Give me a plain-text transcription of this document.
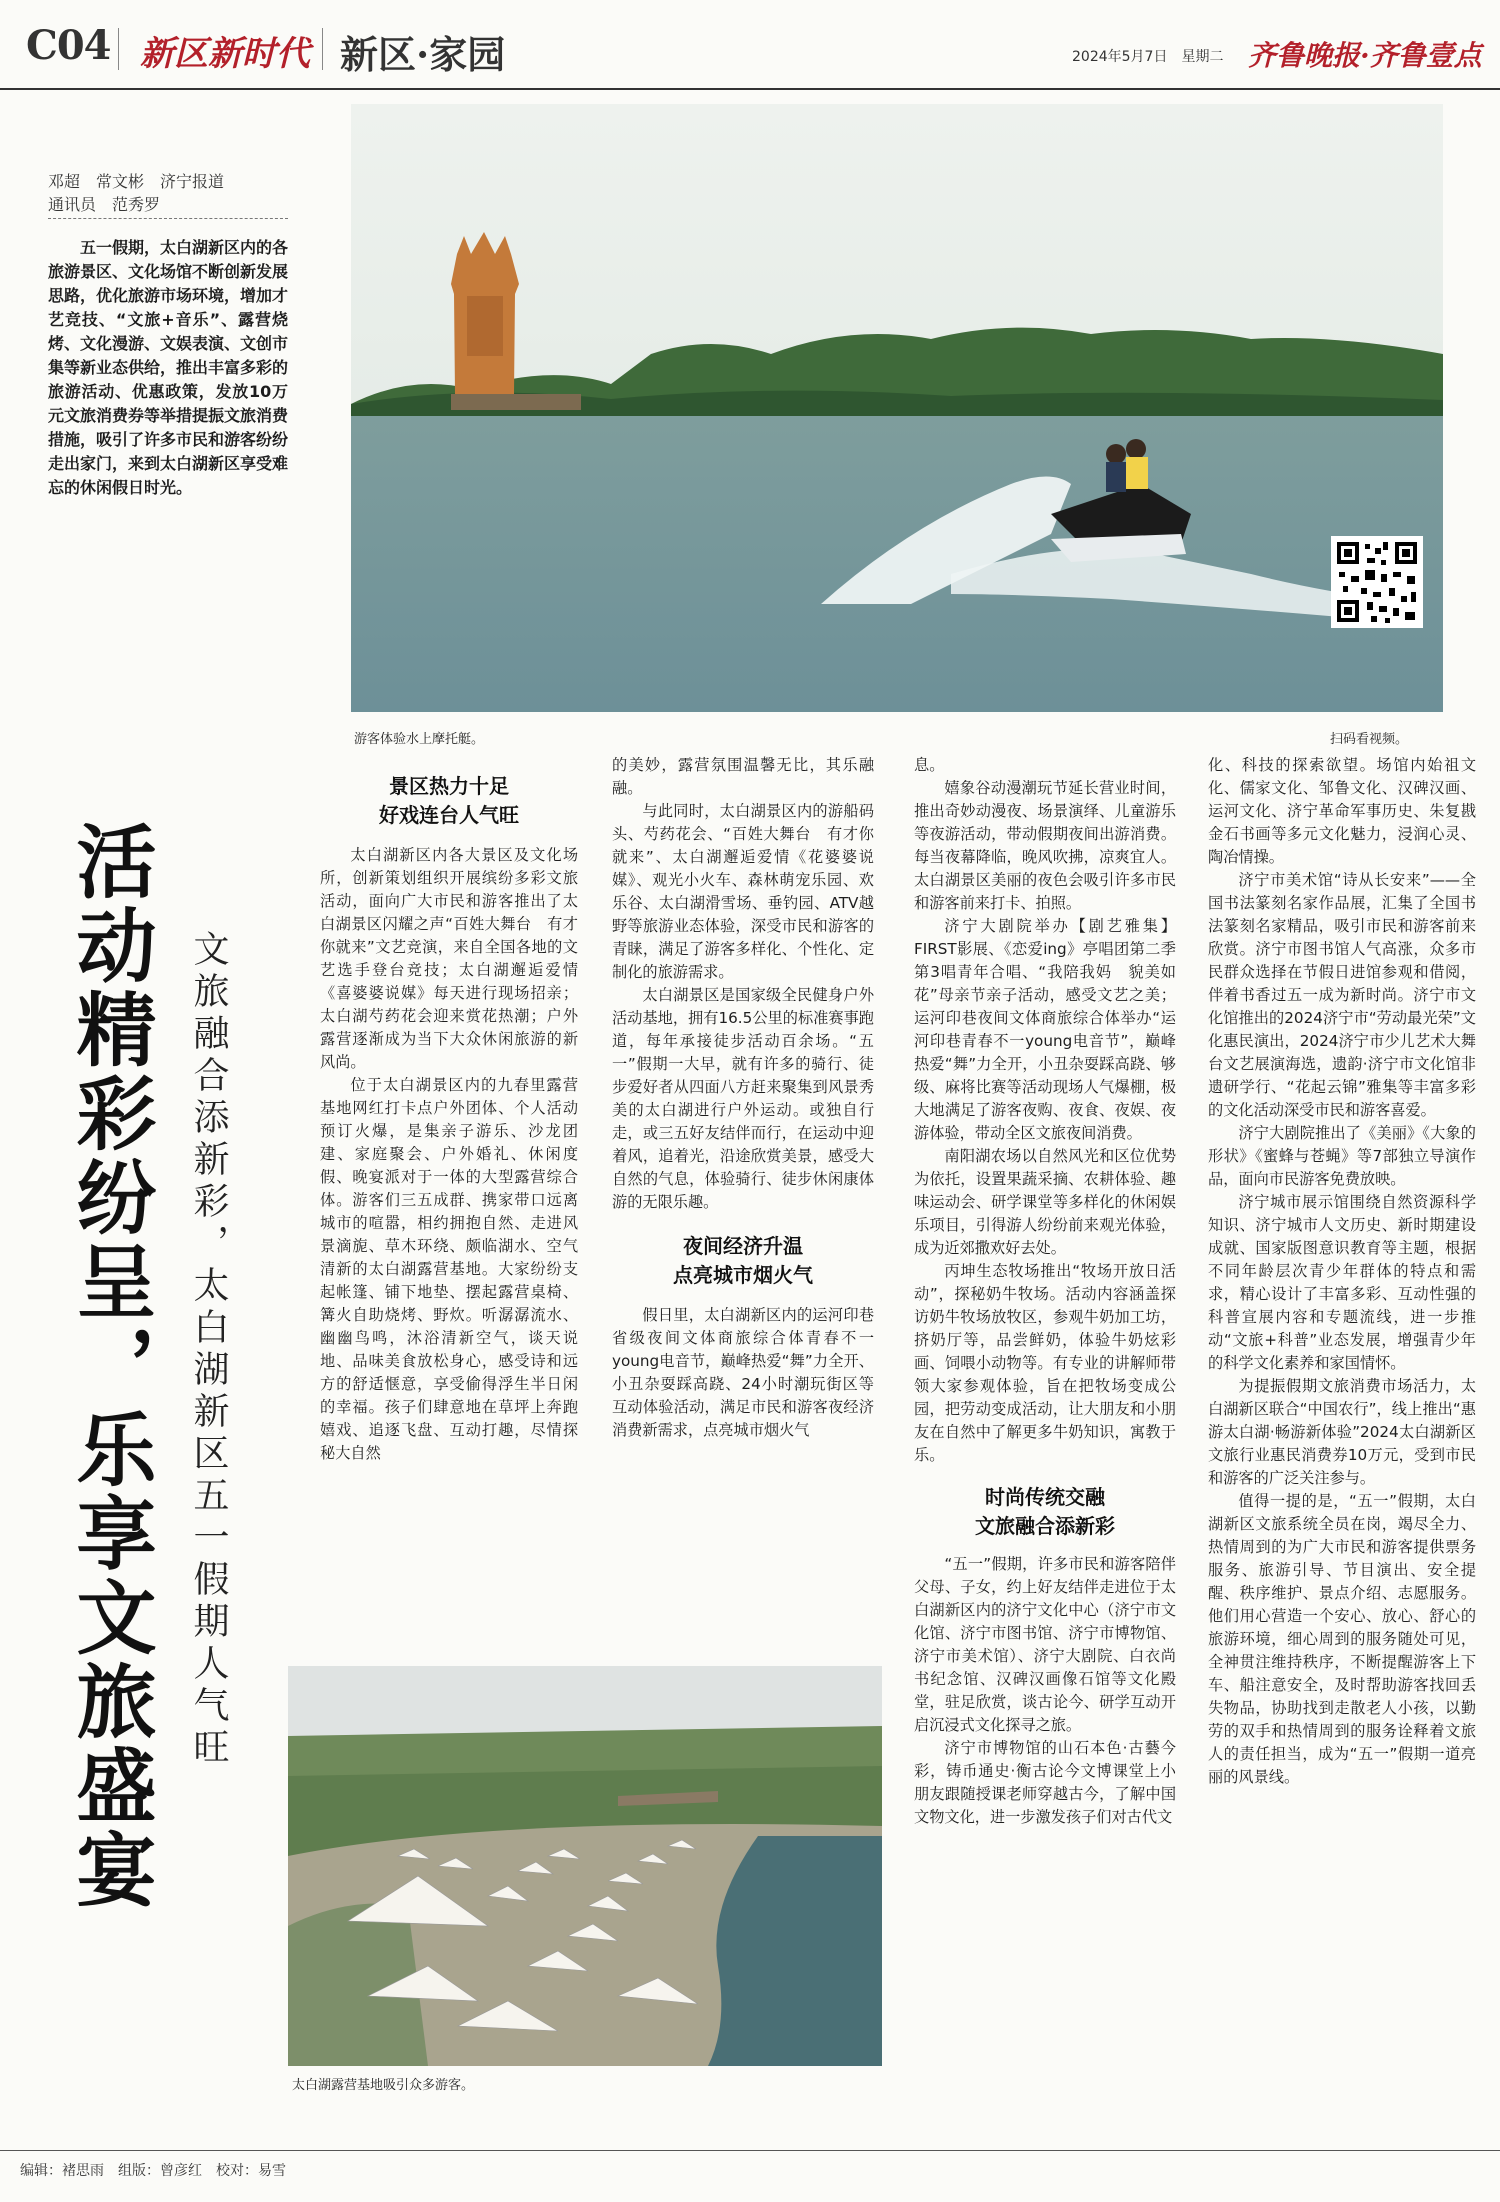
C04 新区新时代 新区·家园	2024年5月7日　 星期二 齐鲁晚报·齐鲁壹点
游客体验水上摩托艇。	扫码看视频。
邓超　常文彬　济宁报道
通讯员　范秀罗
五一假期，太白湖新区内的各旅游景区、文化场馆不断创新发展思路，优化旅游市场环境，增加才艺竞技、“文旅+音乐”、露营烧烤、文化漫游、文娱表演、文创市集等新业态供给，推出丰富多彩的旅游活动、优惠政策，发放10万元文旅消费券等举措提振文旅消费措施，吸引了许多市民和游客纷纷走出家门，来到太白湖新区享受难忘的休闲假日时光。
活动精彩纷呈，乐享文旅盛宴 文旅融合添新彩，太白湖新区五一假期人气旺
景区热力十足
好戏连台人气旺
太白湖新区内各大景区及文化场所，创新策划组织开展缤纷多彩文旅活动，面向广大市民和游客推出了太白湖景区闪耀之声“百姓大舞台　有才你就来”文艺竞演，来自全国各地的文艺选手登台竞技；太白湖邂逅爱情《喜婆婆说媒》每天进行现场招亲；太白湖芍药花会迎来赏花热潮；户外露营逐渐成为当下大众休闲旅游的新风尚。
位于太白湖景区内的九春里露营基地网红打卡点户外团体、个人活动预订火爆，是集亲子游乐、沙龙团建、家庭聚会、户外婚礼、休闲度假、晚宴派对于一体的大型露营综合体。游客们三五成群、携家带口远离城市的喧嚣，相约拥抱自然、走进风景滴旎、草木环绕、颇临湖水、空气清新的太白湖露营基地。大家纷纷支起帐篷、铺下地垫、摆起露营桌椅、篝火自助烧烤、野炊。听潺潺流水、幽幽鸟鸣，沐浴清新空气，谈天说地、品味美食放松身心，感受诗和远方的舒适惬意，享受偷得浮生半日闲的幸福。孩子们肆意地在草坪上奔跑嬉戏、追逐飞盘、互动打趣，尽情探秘大自然
的美妙，露营氛围温馨无比，其乐融融。
与此同时，太白湖景区内的游船码头、芍药花会、“百姓大舞台　有才你就来”、太白湖邂逅爱情《花婆婆说媒》、观光小火车、森林萌宠乐园、欢乐谷、太白湖滑雪场、垂钓园、ATV越野等旅游业态体验，深受市民和游客的青睐，满足了游客多样化、个性化、定制化的旅游需求。
太白湖景区是国家级全民健身户外活动基地，拥有16.5公里的标准赛事跑道，每年承接徒步活动百余场。“五一”假期一大早，就有许多的骑行、徒步爱好者从四面八方赶来聚集到风景秀美的太白湖进行户外运动。或独自行走，或三五好友结伴而行，在运动中迎着风，追着光，沿途欣赏美景，感受大自然的气息，体验骑行、徒步休闲康体游的无限乐趣。
夜间经济升温
点亮城市烟火气
假日里，太白湖新区内的运河印巷省级夜间文体商旅综合体青春不一young电音节，巅峰热爱“舞”力全开、小丑杂耍踩高跷、24小时潮玩街区等互动体验活动，满足市民和游客夜经济消费新需求，点亮城市烟火气
太白湖露营基地吸引众多游客。
息。
嬉象谷动漫潮玩节延长营业时间，推出奇妙动漫夜、场景演绎、儿童游乐等夜游活动，带动假期夜间出游消费。每当夜幕降临，晚风吹拂，凉爽宜人。太白湖景区美丽的夜色会吸引许多市民和游客前来打卡、拍照。
济宁大剧院举办【剧艺雅集】FIRST影展、《恋爱ing》亭唱团第二季第3唱青年合唱、“我陪我妈　貌美如花”母亲节亲子活动，感受文艺之美；运河印巷夜间文体商旅综合体举办“运河印巷青春不一young电音节”，巅峰热爱“舞”力全开，小丑杂耍踩高跷、够级、麻将比赛等活动现场人气爆棚，极大地满足了游客夜购、夜食、夜娱、夜游体验，带动全区文旅夜间消费。
南阳湖农场以自然风光和区位优势为依托，设置果蔬采摘、农耕体验、趣味运动会、研学课堂等多样化的休闲娱乐项目，引得游人纷纷前来观光体验，成为近郊撒欢好去处。
丙坤生态牧场推出“牧场开放日活动”，探秘奶牛牧场。活动内容涵盖探访奶牛牧场放牧区，参观牛奶加工坊，挤奶厅等，品尝鲜奶，体验牛奶炫彩画、饲喂小动物等。有专业的讲解师带领大家参观体验，旨在把牧场变成公园，把劳动变成活动，让大朋友和小朋友在自然中了解更多牛奶知识，寓教于乐。
时尚传统交融
文旅融合添新彩
“五一”假期，许多市民和游客陪伴父母、子女，约上好友结伴走进位于太白湖新区内的济宁文化中心（济宁市文化馆、济宁市图书馆、济宁市博物馆、济宁市美术馆）、济宁大剧院、白衣尚书纪念馆、汉碑汉画像石馆等文化殿堂，驻足欣赏，谈古论今、研学互动开启沉浸式文化探寻之旅。
济宁市博物馆的山石本色·古藝今彩，铸币通史·衡古论今文博课堂上小朋友跟随授课老师穿越古今，了解中国文物文化，进一步激发孩子们对古代文
化、科技的探索欲望。场馆内始祖文化、儒家文化、邹鲁文化、汉碑汉画、运河文化、济宁革命军事历史、朱复戡金石书画等多元文化魅力，浸润心灵、陶冶情操。
济宁市美术馆“诗从长安来”——全国书法篆刻名家作品展，汇集了全国书法篆刻名家精品，吸引市民和游客前来欣赏。济宁市图书馆人气高涨，众多市民群众选择在节假日进馆参观和借阅，伴着书香过五一成为新时尚。济宁市文化馆推出的2024济宁市“劳动最光荣”文化惠民演出，2024济宁市少儿艺术大舞台文艺展演海选，遗韵·济宁市文化馆非遗研学行、“花起云锦”雅集等丰富多彩的文化活动深受市民和游客喜爱。
济宁大剧院推出了《美丽》《大象的形状》《蜜蜂与苍蝇》等7部独立导演作品，面向市民游客免费放映。
济宁城市展示馆围绕自然资源科学知识、济宁城市人文历史、新时期建设成就、国家版图意识教育等主题，根据不同年龄层次青少年群体的特点和需求，精心设计了丰富多彩、互动性强的科普宣展内容和专题流线，进一步推动“文旅+科普”业态发展，增强青少年的科学文化素养和家国情怀。
为提振假期文旅消费市场活力，太白湖新区联合“中国农行”，线上推出“惠游太白湖·畅游新体验”2024太白湖新区文旅行业惠民消费券10万元，受到市民和游客的广泛关注参与。
值得一提的是，“五一”假期，太白湖新区文旅系统全员在岗，竭尽全力、热情周到的为广大市民和游客提供票务服务、旅游引导、节目演出、安全提醒、秩序维护、景点介绍、志愿服务。他们用心营造一个安心、放心、舒心的旅游环境，细心周到的服务随处可见，全神贯注维持秩序，不断提醒游客上下车、船注意安全，及时帮助游客找回丢失物品，协助找到走散老人小孩，以勤劳的双手和热情周到的服务诠释着文旅人的责任担当，成为“五一”假期一道亮丽的风景线。
编辑：褚思雨　组版：曾彦红　校对：易雪
